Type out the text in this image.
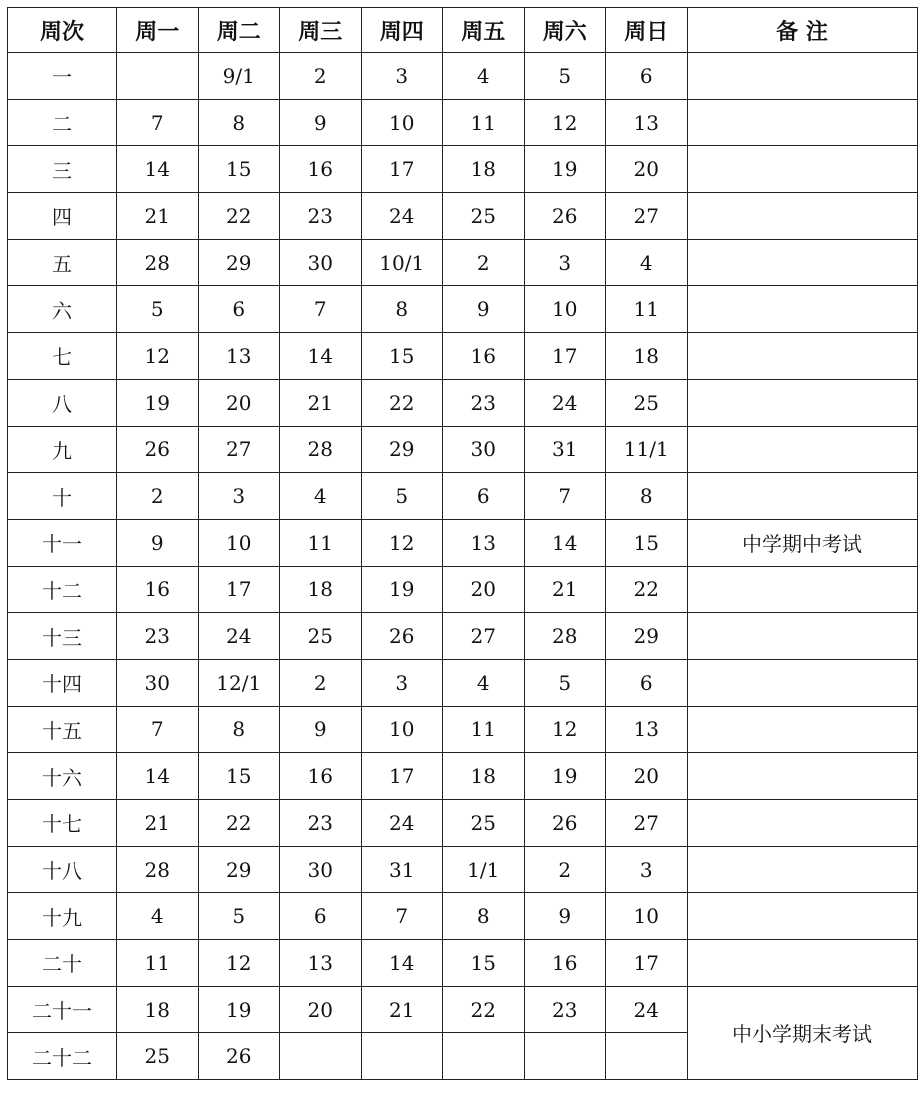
周次	周一	周二	周三	周四	周五	周六	周日	备 注
一		9/1	2	3	4	5	6	
二	7	8	9	10	11	12	13	
三	14	15	16	17	18	19	20	
四	21	22	23	24	25	26	27	
五	28	29	30	10/1	2	3	4	
六	5	6	7	8	9	10	11	
七	12	13	14	15	16	17	18	
八	19	20	21	22	23	24	25	
九	26	27	28	29	30	31	11/1	
十	2	3	4	5	6	7	8	
十一	9	10	11	12	13	14	15	中学期中考试
十二	16	17	18	19	20	21	22	
十三	23	24	25	26	27	28	29	
十四	30	12/1	2	3	4	5	6	
十五	7	8	9	10	11	12	13	
十六	14	15	16	17	18	19	20	
十七	21	22	23	24	25	26	27	
十八	28	29	30	31	1/1	2	3	
十九	4	5	6	7	8	9	10	
二十	11	12	13	14	15	16	17	
二十一	18	19	20	21	22	23	24	中小学期末考试
二十二	25	26						
